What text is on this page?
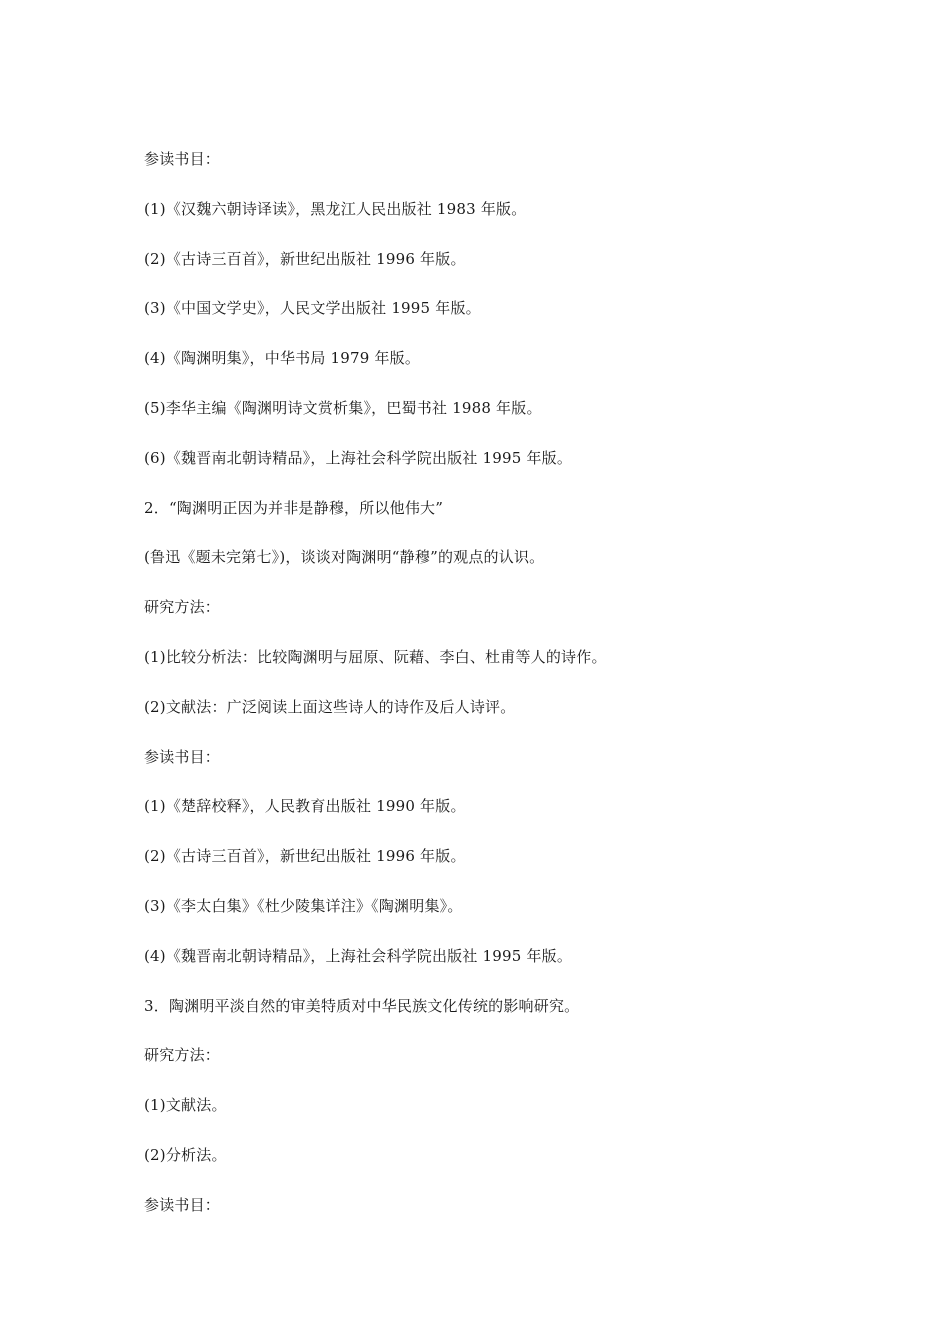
参读书目：
(1)《汉魏六朝诗译读》，黑龙江人民出版社 1983 年版。
(2)《古诗三百首》，新世纪出版社 1996 年版。
(3)《中国文学史》，人民文学出版社 1995 年版。
(4)《陶渊明集》，中华书局 1979 年版。
(5)李华主编《陶渊明诗文赏析集》，巴蜀书社 1988 年版。
(6)《魏晋南北朝诗精品》，上海社会科学院出版社 1995 年版。
2．“陶渊明正因为并非是静穆，所以他伟大”
(鲁迅《题未完第七》)，谈谈对陶渊明“静穆”的观点的认识。
研究方法：
(1)比较分析法：比较陶渊明与屈原、阮藉、李白、杜甫等人的诗作。
(2)文献法：广泛阅读上面这些诗人的诗作及后人诗评。
参读书目：
(1)《楚辞校释》，人民教育出版社 1990 年版。
(2)《古诗三百首》，新世纪出版社 1996 年版。
(3)《李太白集》《杜少陵集详注》《陶渊明集》。
(4)《魏晋南北朝诗精品》，上海社会科学院出版社 1995 年版。
3．陶渊明平淡自然的审美特质对中华民族文化传统的影响研究。
研究方法：
(1)文献法。
(2)分析法。
参读书目：
